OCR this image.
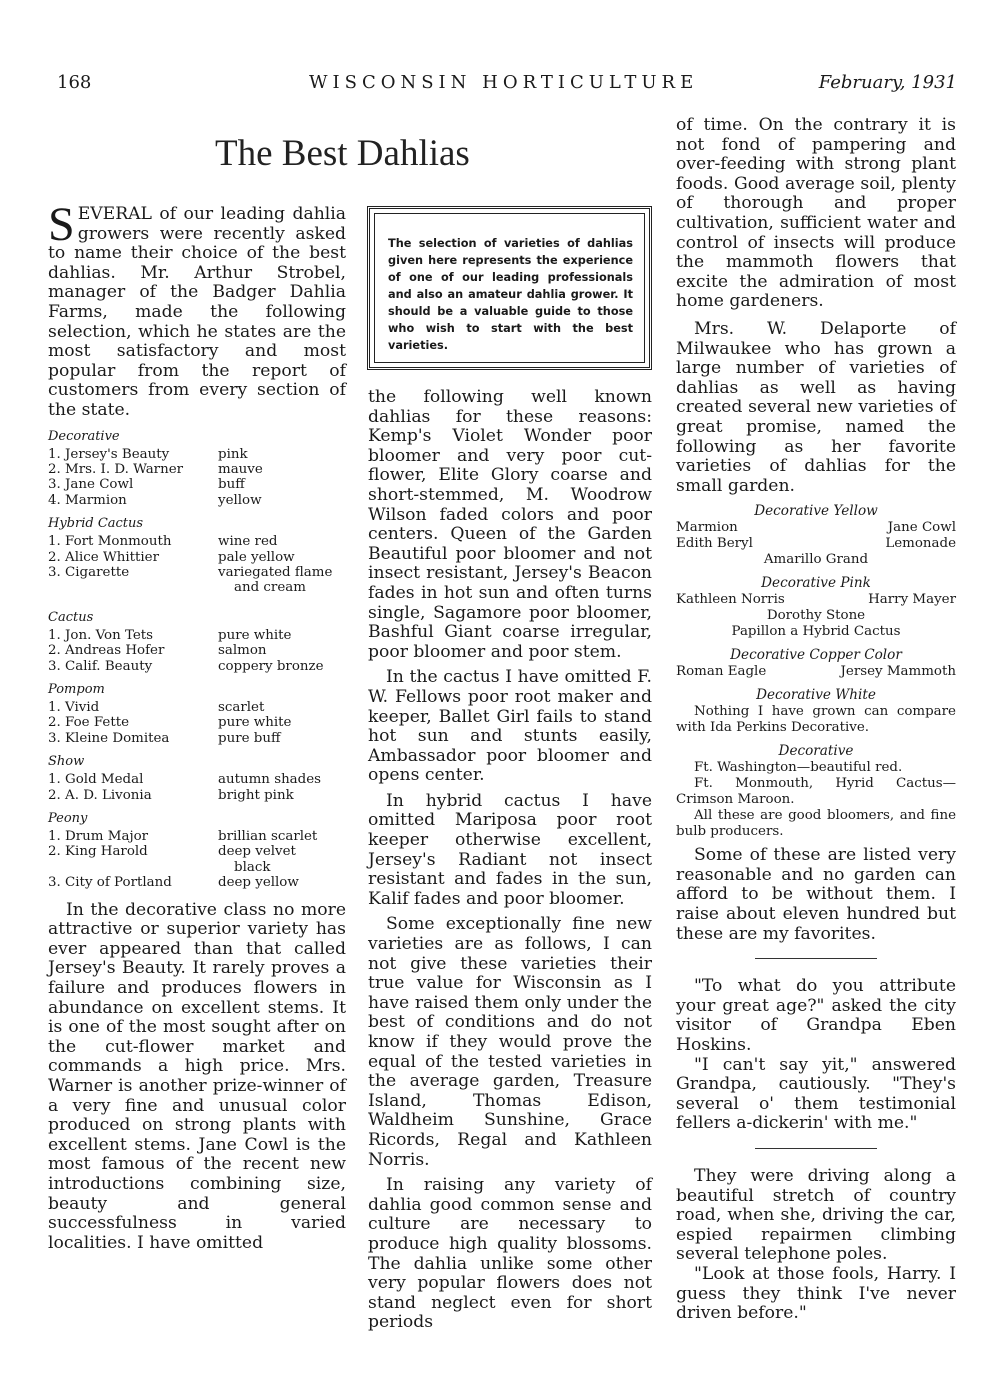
168	WISCONSIN HORTICULTURE	February, 1931
The Best Dahlias

SEVERAL of our leading dahlia growers were recently asked to name their choice of the best dahlias. Mr. Arthur Strobel, manager of the Badger Dahlia Farms, made the following selection, which he states are the most satisfactory and most popular from the report of customers from every section of the state.

Decorative
1. Jersey's Beauty	pink
2. Mrs. I. D. Warner	mauve
3. Jane Cowl	buff
4. Marmion	yellow
Hybrid Cactus
1. Fort Monmouth	wine red
2. Alice Whittier	pale yellow
3. Cigarette	variegated flame
and cream
Cactus
1. Jon. Von Tets	pure white
2. Andreas Hofer	salmon
3. Calif. Beauty	coppery bronze
Pompom
1. Vivid	scarlet
2. Foe Fette	pure white
3. Kleine Domitea	pure buff
Show
1. Gold Medal	autumn shades
2. A. D. Livonia	bright pink
Peony
1. Drum Major	brillian scarlet
2. King Harold	deep velvet
black
3. City of Portland	deep yellow

In the decorative class no more attractive or superior variety has ever appeared than that called Jersey's Beauty. It rarely proves a failure and produces flowers in abundance on excellent stems. It is one of the most sought after on the cut-flower market and commands a high price. Mrs. Warner is another prize-winner of a very fine and unusual color produced on strong plants with excellent stems. Jane Cowl is the most famous of the recent new introductions combining size, beauty and general successfulness in varied localities. I have omitted

The selection of varieties of dahlias given here represents the experience of one of our leading professionals and also an amateur dahlia grower. It should be a valuable guide to those who wish to start with the best varieties.

the following well known dahlias for these reasons: Kemp's Violet Wonder poor bloomer and very poor cut-flower, Elite Glory coarse and short-stemmed, M. Woodrow Wilson faded colors and poor centers. Queen of the Garden Beautiful poor bloomer and not insect resistant, Jersey's Beacon fades in hot sun and often turns single, Sagamore poor bloomer, Bashful Giant coarse irregular, poor bloomer and poor stem.

In the cactus I have omitted F. W. Fellows poor root maker and keeper, Ballet Girl fails to stand hot sun and stunts easily, Ambassador poor bloomer and opens center.

In hybrid cactus I have omitted Mariposa poor root keeper otherwise excellent, Jersey's Radiant not insect resistant and fades in the sun, Kalif fades and poor bloomer.

Some exceptionally fine new varieties are as follows, I can not give these varieties their true value for Wisconsin as I have raised them only under the best of conditions and do not know if they would prove the equal of the tested varieties in the average garden, Treasure Island, Thomas Edison, Waldheim Sunshine, Grace Ricords, Regal and Kathleen Norris.

In raising any variety of dahlia good common sense and culture are necessary to produce high quality blossoms. The dahlia unlike some other very popular flowers does not stand neglect even for short periods

of time. On the contrary it is not fond of pampering and over-feeding with strong plant foods. Good average soil, plenty of thorough and proper cultivation, sufficient water and control of insects will produce the mammoth flowers that excite the admiration of most home gardeners.

Mrs. W. Delaporte of Milwaukee who has grown a large number of varieties of dahlias as well as having created several new varieties of great promise, named the following as her favorite varieties of dahlias for the small garden.

Decorative Yellow
Marmion	Jane Cowl
Edith Beryl	Lemonade
Amarillo Grand
Decorative Pink
Kathleen Norris	Harry Mayer
Dorothy Stone
Papillon a Hybrid Cactus
Decorative Copper Color
Roman Eagle	Jersey Mammoth
Decorative White
Nothing I have grown can compare with Ida Perkins Decorative.
Decorative
Ft. Washington—beautiful red.
Ft. Monmouth, Hyrid Cactus—Crimson Maroon.
All these are good bloomers, and fine bulb producers.

Some of these are listed very reasonable and no garden can afford to be without them. I raise about eleven hundred but these are my favorites.

"To what do you attribute your great age?" asked the city visitor of Grandpa Eben Hoskins.

"I can't say yit," answered Grandpa, cautiously. "They's several o' them testimonial fellers a-dickerin' with me."

They were driving along a beautiful stretch of country road, when she, driving the car, espied repairmen climbing several telephone poles.

"Look at those fools, Harry. I guess they think I've never driven before."
